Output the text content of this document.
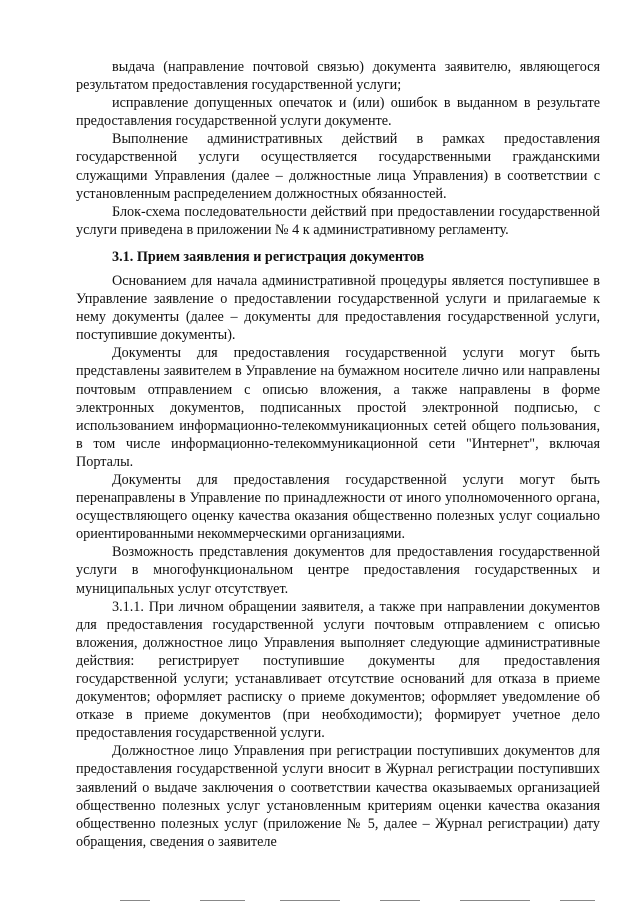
выдача (направление почтовой связью) документа заявителю, являющегося результатом предоставления государственной услуги;

исправление допущенных опечаток и (или) ошибок в выданном в результате предоставления государственной услуги документе.

Выполнение административных действий в рамках предоставления государственной услуги осуществляется государственными гражданскими служащими Управления (далее – должностные лица Управления) в соответствии с установленным распределением должностных обязанностей.

Блок-схема последовательности действий при предоставлении государственной услуги приведена в приложении № 4 к административному регламенту.

3.1. Прием заявления и регистрация документов

Основанием для начала административной процедуры является поступившее в Управление заявление о предоставлении государственной услуги и прилагаемые к нему документы (далее – документы для предоставления государственной услуги, поступившие документы).

Документы для предоставления государственной услуги могут быть представлены заявителем в Управление на бумажном носителе лично или направлены почтовым отправлением с описью вложения, а также направлены в форме электронных документов, подписанных простой электронной подписью, с использованием информационно-телекоммуникационных сетей общего пользования, в том числе информационно-телекоммуникационной сети "Интернет", включая Порталы.

Документы для предоставления государственной услуги могут быть перенаправлены в Управление по принадлежности от иного уполномоченного органа, осуществляющего оценку качества оказания общественно полезных услуг социально ориентированными некоммерческими организациями.

Возможность представления документов для предоставления государственной услуги в многофункциональном центре предоставления государственных и муниципальных услуг отсутствует.

3.1.1. При личном обращении заявителя, а также при направлении документов для предоставления государственной услуги почтовым отправлением с описью вложения, должностное лицо Управления выполняет следующие административные действия: регистрирует поступившие документы для предоставления государственной услуги; устанавливает отсутствие оснований для отказа в приеме документов; оформляет расписку о приеме документов; оформляет уведомление об отказе в приеме документов (при необходимости); формирует учетное дело предоставления государственной услуги.

Должностное лицо Управления при регистрации поступивших документов для предоставления государственной услуги вносит в Журнал регистрации поступивших заявлений о выдаче заключения о соответствии качества оказываемых организацией общественно полезных услуг установленным критериям оценки качества оказания общественно полезных услуг (приложение № 5, далее – Журнал регистрации) дату обращения, сведения о заявителе
